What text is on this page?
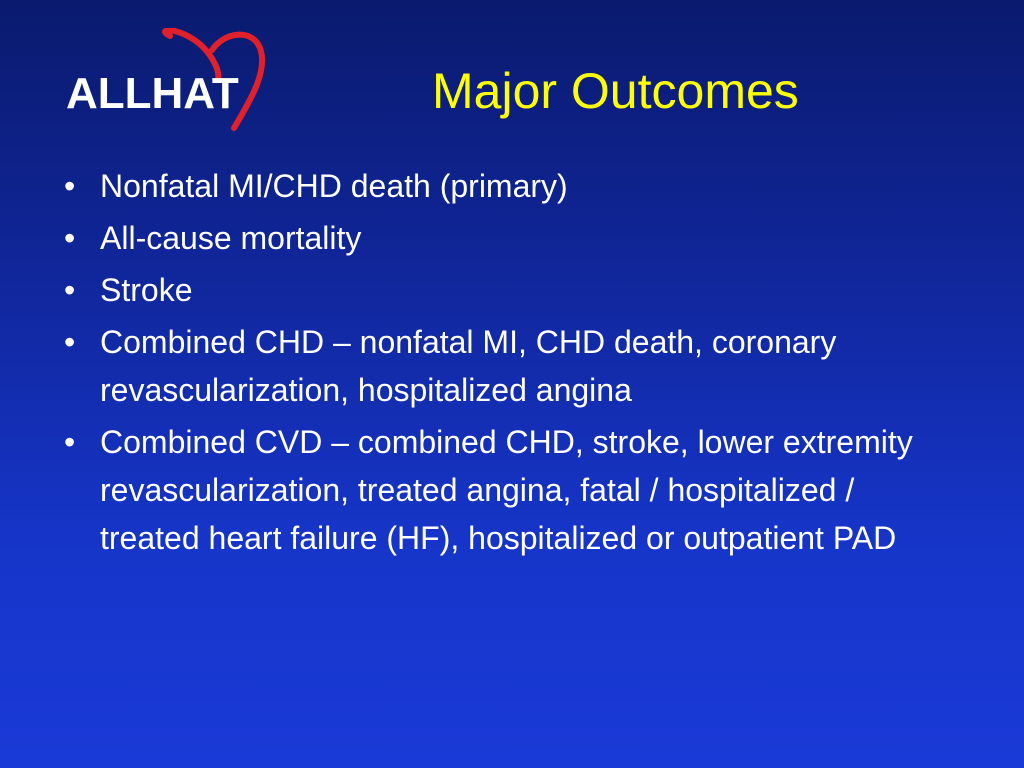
ALLHAT	Major Outcomes
• Nonfatal MI/CHD death (primary)
• All-cause mortality
• Stroke
• Combined CHD – nonfatal MI, CHD death, coronary revascularization, hospitalized angina
• Combined CVD – combined CHD, stroke, lower extremity revascularization, treated angina, fatal / hospitalized / treated heart failure (HF), hospitalized or outpatient PAD
